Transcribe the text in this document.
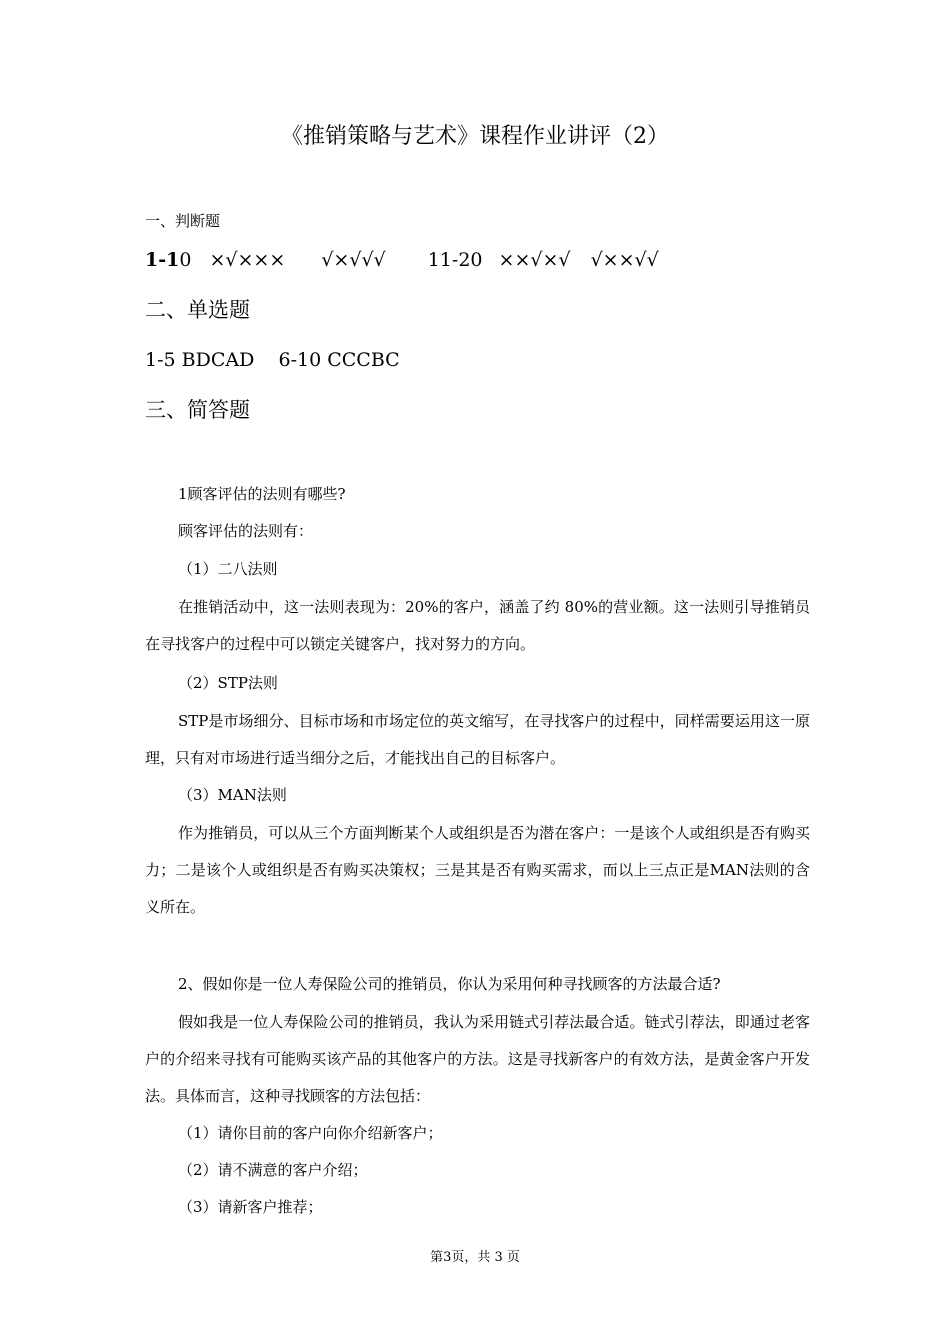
《推销策略与艺术》课程作业讲评（2）
一、判断题
1-10 ×√××× √×√√√ 11-20 ××√×√ √××√√
二、单选题
1-5 BDCAD    6-10 CCCBC
三、简答题
1顾客评估的法则有哪些?
顾客评估的法则有：
（1）二八法则
在推销活动中，这一法则表现为：20%的客户，涵盖了约 80%的营业额。这一法则引导推销员在寻找客户的过程中可以锁定关键客户，找对努力的方向。
（2）STP法则
STP是市场细分、目标市场和市场定位的英文缩写，在寻找客户的过程中，同样需要运用这一原理，只有对市场进行适当细分之后，才能找出自己的目标客户。
（3）MAN法则
作为推销员，可以从三个方面判断某个人或组织是否为潜在客户：一是该个人或组织是否有购买力；二是该个人或组织是否有购买决策权；三是其是否有购买需求，而以上三点正是MAN法则的含义所在。
2、假如你是一位人寿保险公司的推销员，你认为采用何种寻找顾客的方法最合适?
假如我是一位人寿保险公司的推销员，我认为采用链式引荐法最合适。链式引荐法，即通过老客户的介绍来寻找有可能购买该产品的其他客户的方法。这是寻找新客户的有效方法，是黄金客户开发法。具体而言，这种寻找顾客的方法包括：
（1）请你目前的客户向你介绍新客户；
（2）请不满意的客户介绍；
（3）请新客户推荐；
第3页，共 3 页
